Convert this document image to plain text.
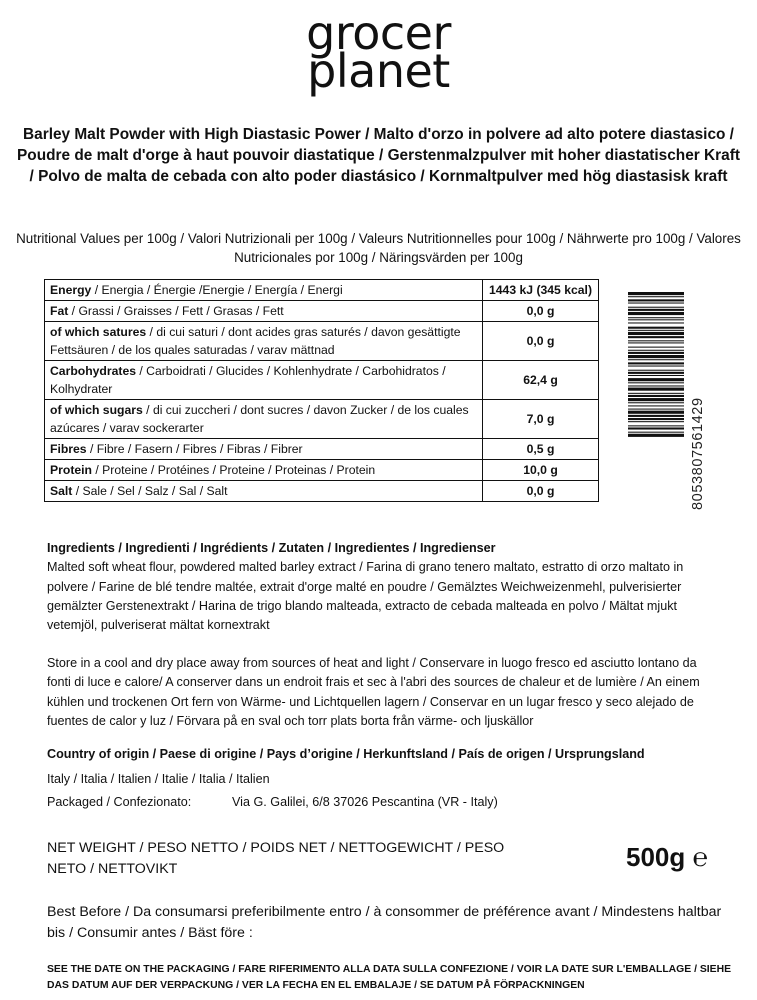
grocer
planet
Barley Malt Powder with High Diastasic Power / Malto d'orzo in polvere ad alto potere diastasico / Poudre de malt d'orge à haut pouvoir diastatique / Gerstenmalzpulver mit hoher diastatischer Kraft / Polvo de malta de cebada con alto poder diastásico / Kornmaltpulver med hög diastasisk kraft
Nutritional Values per 100g / Valori Nutrizionali per 100g / Valeurs Nutritionnelles pour 100g / Nährwerte pro 100g / Valores Nutricionales por 100g / Näringsvärden per 100g
Energy / Energia / Énergie /Energie / Energía / Energi	1443 kJ (345 kcal)
Fat / Grassi / Graisses / Fett / Grasas / Fett	0,0 g
of which satures / di cui saturi / dont acides gras saturés / davon gesättigte Fettsäuren / de los quales saturadas / varav mättnad	0,0 g
Carbohydrates / Carboidrati / Glucides / Kohlenhydrate / Carbohidratos / Kolhydrater	62,4 g
of which sugars / di cui zuccheri / dont sucres / davon Zucker / de los cuales azúcares / varav sockerarter	7,0 g
Fibres / Fibre / Fasern / Fibres / Fibras / Fibrer	0,5 g
Protein / Proteine / Protéines / Proteine / Proteinas / Protein	10,0 g
Salt / Sale / Sel / Salz / Sal / Salt	0,0 g	8053807561429
Ingredients / Ingredienti / Ingrédients / Zutaten / Ingredientes / Ingredienser
Malted soft wheat flour, powdered malted barley extract / Farina di grano tenero maltato, estratto di orzo maltato in polvere / Farine de blé tendre maltée, extrait d'orge malté en poudre / Gemälztes Weichweizenmehl, pulverisierter gemälzter Gerstenextrakt / Harina de trigo blando malteada, extracto de cebada malteada en polvo / Mältat mjukt vetemjöl, pulveriserat mältat kornextrakt
Store in a cool and dry place away from sources of heat and light / Conservare in luogo fresco ed asciutto lontano da fonti di luce e calore/ A conserver dans un endroit frais et sec à l'abri des sources de chaleur et de lumière / An einem kühlen und trockenen Ort fern von Wärme- und Lichtquellen lagern / Conservar en un lugar fresco y seco alejado de fuentes de calor y luz / Förvara på en sval och torr plats borta från värme- och ljuskällor
Country of origin / Paese di origine / Pays d’origine / Herkunftsland / País de origen / Ursprungsland
Italy / Italia / Italien / Italie / Italia / Italien
Packaged / Confezionato:	Via G. Galilei, 6/8 37026 Pescantina (VR - Italy)
NET WEIGHT / PESO NETTO / POIDS NET / NETTOGEWICHT / PESO NETO / NETTOVIKT	500g ℮
Best Before / Da consumarsi preferibilmente entro / à consommer de préférence avant / Mindestens haltbar bis / Consumir antes / Bäst före :
SEE THE DATE ON THE PACKAGING / FARE RIFERIMENTO ALLA DATA SULLA CONFEZIONE / VOIR LA DATE SUR L'EMBALLAGE / SIEHE DAS DATUM AUF DER VERPACKUNG / VER LA FECHA EN EL EMBALAJE / SE DATUM PÅ FÖRPACKNINGEN
